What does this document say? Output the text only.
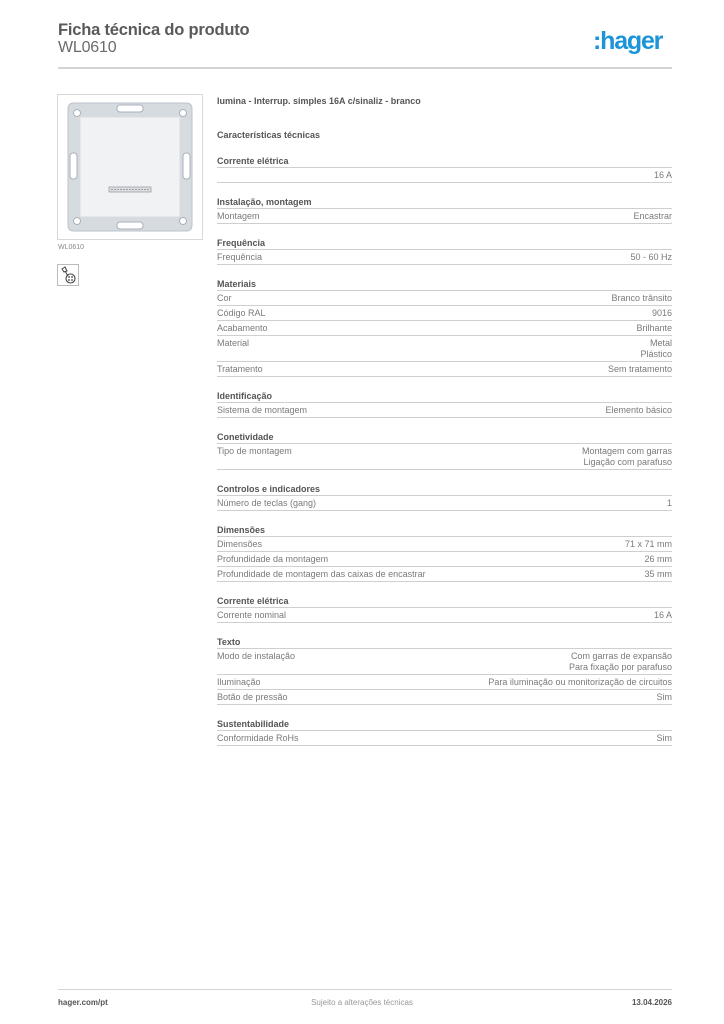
Ficha técnica do produto
WL0610	:hager
WL0610
lumina - Interrup. simples 16A c/sinaliz - branco
Características técnicas
Corrente elétrica
16 A
Instalação, montagem
Montagem	Encastrar
Frequência
Frequência	50 - 60 Hz
Materiais
Cor	Branco trânsito
Código RAL	9016
Acabamento	Brilhante
Material	Metal
Plástico
Tratamento	Sem tratamento
Identificação
Sistema de montagem	Elemento básico
Conetividade
Tipo de montagem	Montagem com garras
Ligação com parafuso
Controlos e indicadores
Número de teclas (gang)	1
Dimensões
Dimensões	71 x 71 mm
Profundidade da montagem	26 mm
Profundidade de montagem das caixas de encastrar	35 mm
Corrente elétrica
Corrente nominal	16 A
Texto
Modo de instalação	Com garras de expansão
Para fixação por parafuso
Iluminação	Para iluminação ou monitorização de circuitos
Botão de pressão	Sim
Sustentabilidade
Conformidade RoHs	Sim
hager.com/pt	Sujeito a alterações técnicas	13.04.2026
